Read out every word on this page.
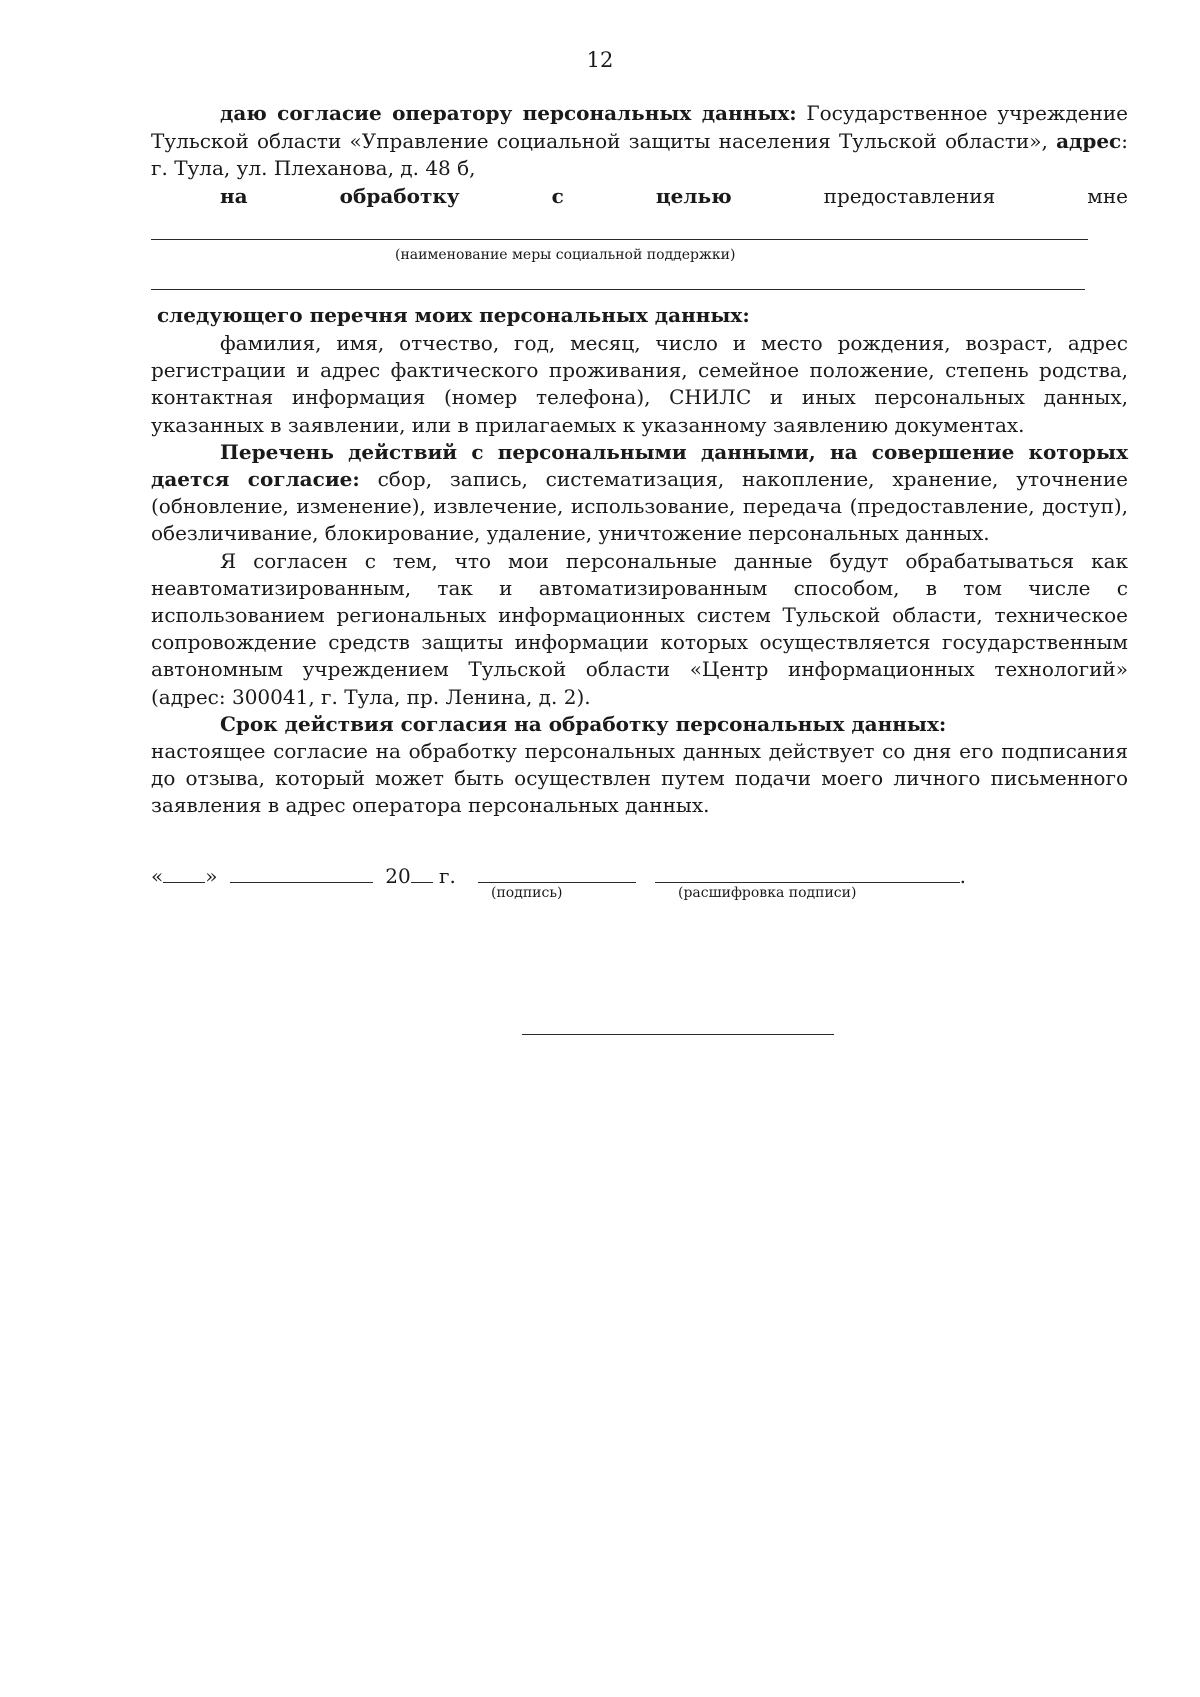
12

даю согласие оператору персональных данных: Государственное учреждение Тульской области «Управление социальной защиты населения Тульской области», адрес: г. Тула, ул. Плеханова, д. 48 б,

на	обработку	с	целью	предоставления	мне
(наименование меры социальной поддержки)
следующего перечня моих персональных данных:

фамилия, имя, отчество, год, месяц, число и место рождения, возраст, адрес регистрации и адрес фактического проживания, семейное положение, степень родства, контактная информация (номер телефона), СНИЛС и иных персональных данных, указанных в заявлении, или в прилагаемых к указанному заявлению документах.

Перечень действий с персональными данными, на совершение которых дается согласие: сбор, запись, систематизация, накопление, хранение, уточнение (обновление, изменение), извлечение, использование, передача (предоставление, доступ), обезличивание, блокирование, удаление, уничтожение персональных данных.

Я согласен с тем, что мои персональные данные будут обрабатываться как неавтоматизированным, так и автоматизированным способом, в том числе с использованием региональных информационных систем Тульской области, техническое сопровождение средств защиты информации которых осуществляется государственным автономным учреждением Тульской области «Центр информационных технологий» (адрес: 300041, г. Тула, пр. Ленина, д. 2).

Срок действия согласия на обработку персональных данных:

настоящее согласие на обработку персональных данных действует со дня его подписания до отзыва, который может быть осуществлен путем подачи моего личного письменного заявления в адрес оператора персональных данных.

« »	20 г.	.
(подпись)	(расшифровка подписи)
